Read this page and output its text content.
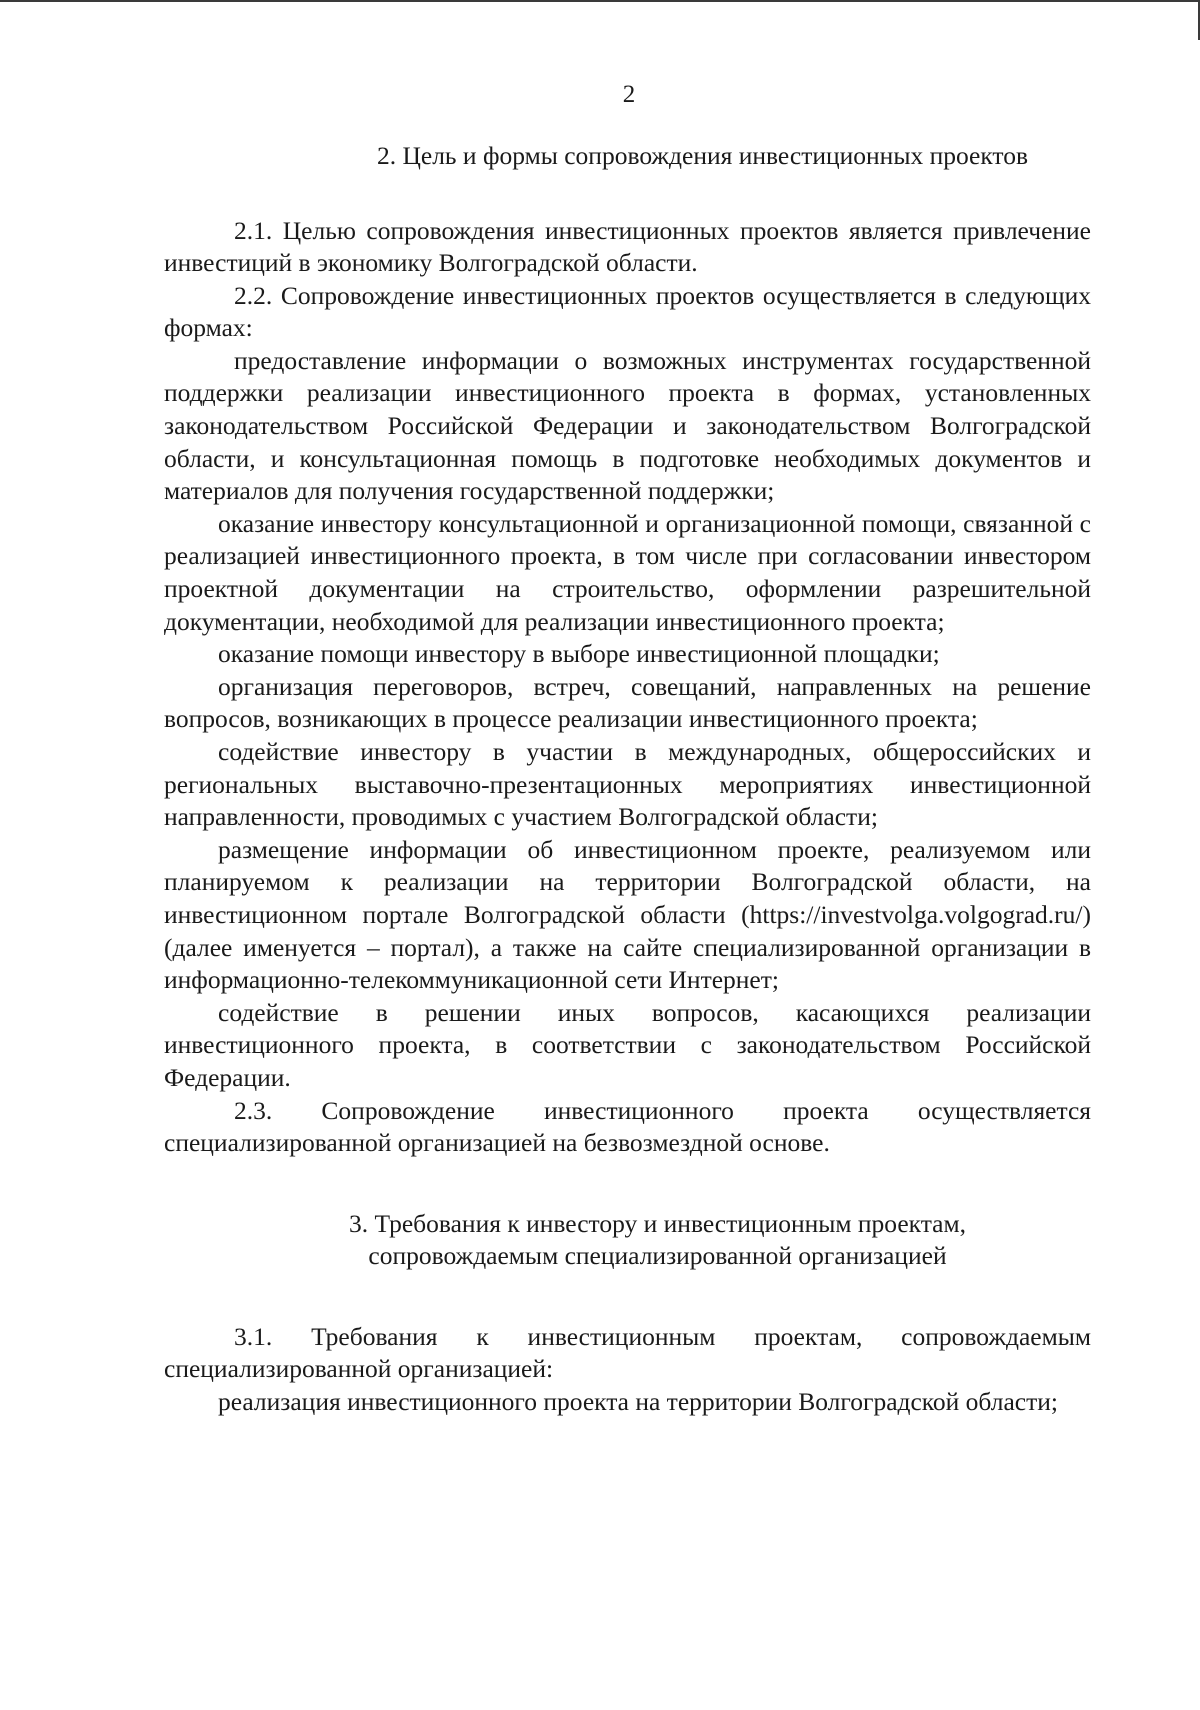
2

2. Цель и формы сопровождения инвестиционных проектов

2.1. Целью сопровождения инвестиционных проектов является привлечение инвестиций в экономику Волгоградской области.

2.2. Сопровождение инвестиционных проектов осуществляется в следующих формах:

предоставление информации о возможных инструментах государственной поддержки реализации инвестиционного проекта в формах, установленных законодательством Российской Федерации и законодательством Волгоградской области, и консультационная помощь в подготовке необходимых документов и материалов для получения государственной поддержки;

оказание инвестору консультационной и организационной помощи, связанной с реализацией инвестиционного проекта, в том числе при согласовании инвестором проектной документации на строительство, оформлении разрешительной документации, необходимой для реализации инвестиционного проекта;

оказание помощи инвестору в выборе инвестиционной площадки;

организация переговоров, встреч, совещаний, направленных на решение вопросов, возникающих в процессе реализации инвестиционного проекта;

содействие инвестору в участии в международных, общероссийских и региональных выставочно-презентационных мероприятиях инвестиционной направленности, проводимых с участием Волгоградской области;

размещение информации об инвестиционном проекте, реализуемом или планируемом к реализации на территории Волгоградской области, на инвестиционном портале Волгоградской области (https://investvolga.volgograd.ru/) (далее именуется – портал), а также на сайте специализированной организации в информационно-телекоммуникационной сети Интернет;

содействие в решении иных вопросов, касающихся реализации инвестиционного проекта, в соответствии с законодательством Российской Федерации.

2.3. Сопровождение инвестиционного проекта осуществляется специализированной организацией на безвозмездной основе.

3. Требования к инвестору и инвестиционным проектам,
сопровождаемым специализированной организацией

3.1. Требования к инвестиционным проектам, сопровождаемым специализированной организацией:

реализация инвестиционного проекта на территории Волгоградской области;
